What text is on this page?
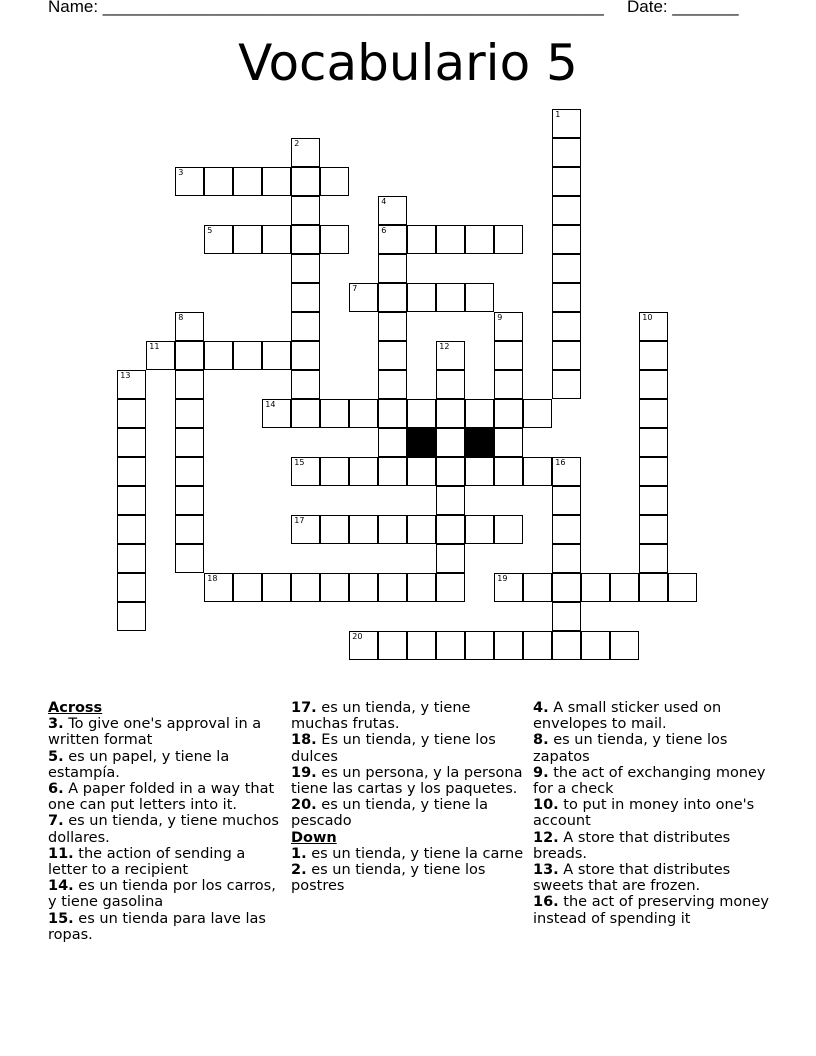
Name: _____________________________________________________ Date: _______
Vocabulario 5
1
2
3
4
6
5
7
8	9	10
11	12
13
14
15	16
17
18	19
20
Across
3. To give one's approval in a written format
5. es un papel, y tiene la estampía.
6. A paper folded in a way that one can put letters into it.
7. es un tienda, y tiene muchos dollares.
11. the action of sending a letter to a recipient
14. es un tienda por los carros, y tiene gasolina
15. es un tienda para lave las ropas.
17. es un tienda, y tiene muchas frutas.
18. Es un tienda, y tiene los dulces
19. es un persona, y la persona tiene las cartas y los paquetes.
20. es un tienda, y tiene la pescado
Down
1. es un tienda, y tiene la carne
2. es un tienda, y tiene los postres
4. A small sticker used on envelopes to mail.
8. es un tienda, y tiene los zapatos
9. the act of exchanging money for a check
10. to put in money into one's account
12. A store that distributes breads.
13. A store that distributes sweets that are frozen.
16. the act of preserving money instead of spending it
